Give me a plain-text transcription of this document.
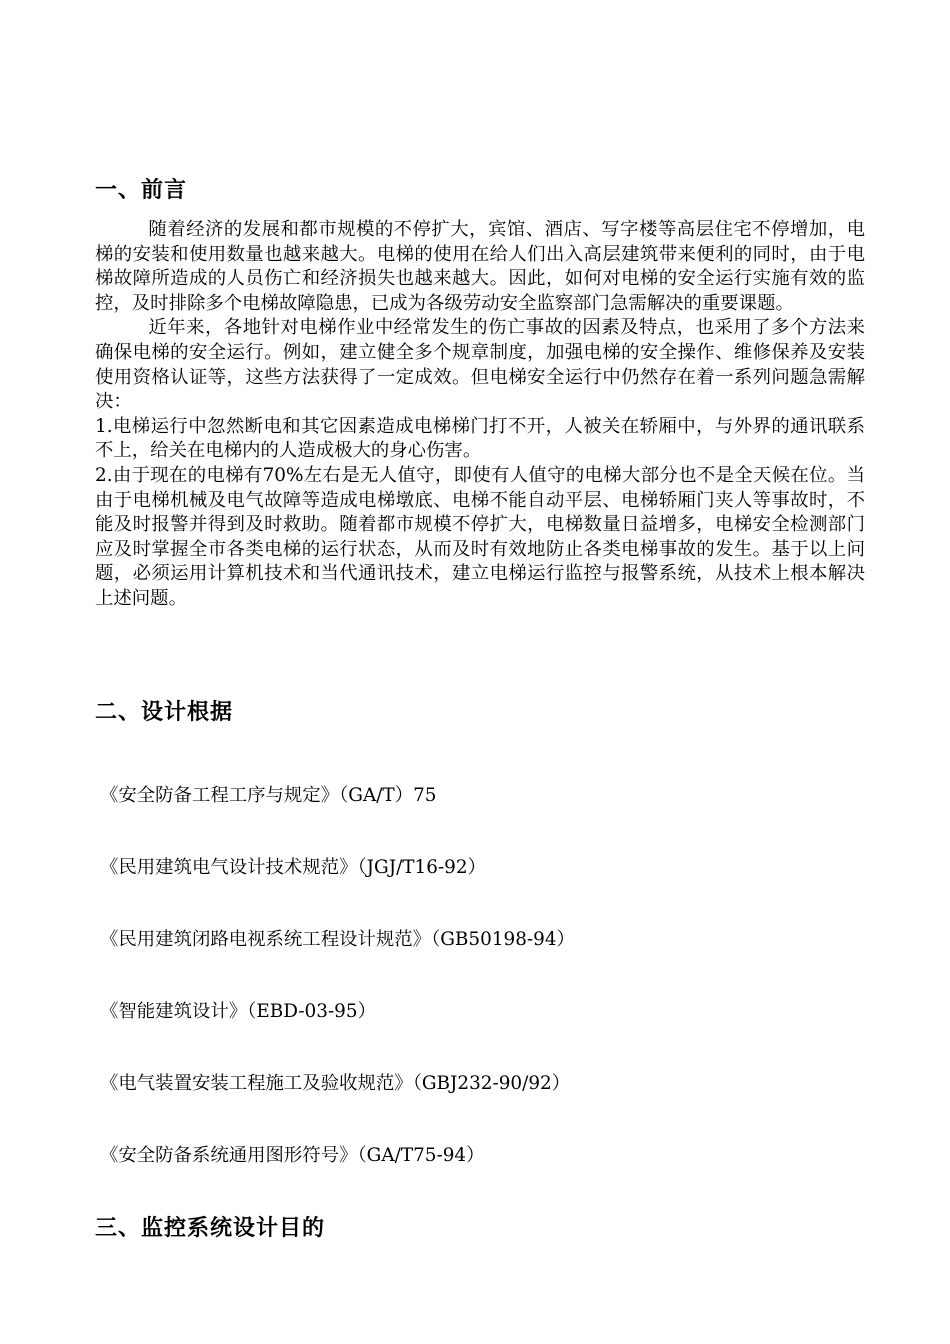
一、前言

随着经济的发展和都市规模的不停扩大，宾馆、酒店、写字楼等高层住宅不停增加，电梯的安装和使用数量也越来越大。电梯的使用在给人们出入高层建筑带来便利的同时，由于电梯故障所造成的人员伤亡和经济损失也越来越大。因此，如何对电梯的安全运行实施有效的监控，及时排除多个电梯故障隐患，已成为各级劳动安全监察部门急需解决的重要课题。

近年来，各地针对电梯作业中经常发生的伤亡事故的因素及特点，也采用了多个方法来确保电梯的安全运行。例如，建立健全多个规章制度，加强电梯的安全操作、维修保养及安装使用资格认证等，这些方法获得了一定成效。但电梯安全运行中仍然存在着一系列问题急需解决：

1.电梯运行中忽然断电和其它因素造成电梯梯门打不开，人被关在轿厢中，与外界的通讯联系不上，给关在电梯内的人造成极大的身心伤害。

2.由于现在的电梯有70%左右是无人值守，即使有人值守的电梯大部分也不是全天候在位。当由于电梯机械及电气故障等造成电梯墩底、电梯不能自动平层、电梯轿厢门夹人等事故时，不能及时报警并得到及时救助。随着都市规模不停扩大，电梯数量日益增多，电梯安全检测部门应及时掌握全市各类电梯的运行状态，从而及时有效地防止各类电梯事故的发生。基于以上问题，必须运用计算机技术和当代通讯技术，建立电梯运行监控与报警系统，从技术上根本解决上述问题。

二、设计根据
《安全防备工程工序与规定》（GA/T）75
《民用建筑电气设计技术规范》（JGJ/T16-92）
《民用建筑闭路电视系统工程设计规范》（GB50198-94）
《智能建筑设计》（EBD-03-95）
《电气装置安装工程施工及验收规范》（GBJ232-90/92）
《安全防备系统通用图形符号》（GA/T75-94）
三、监控系统设计目的
